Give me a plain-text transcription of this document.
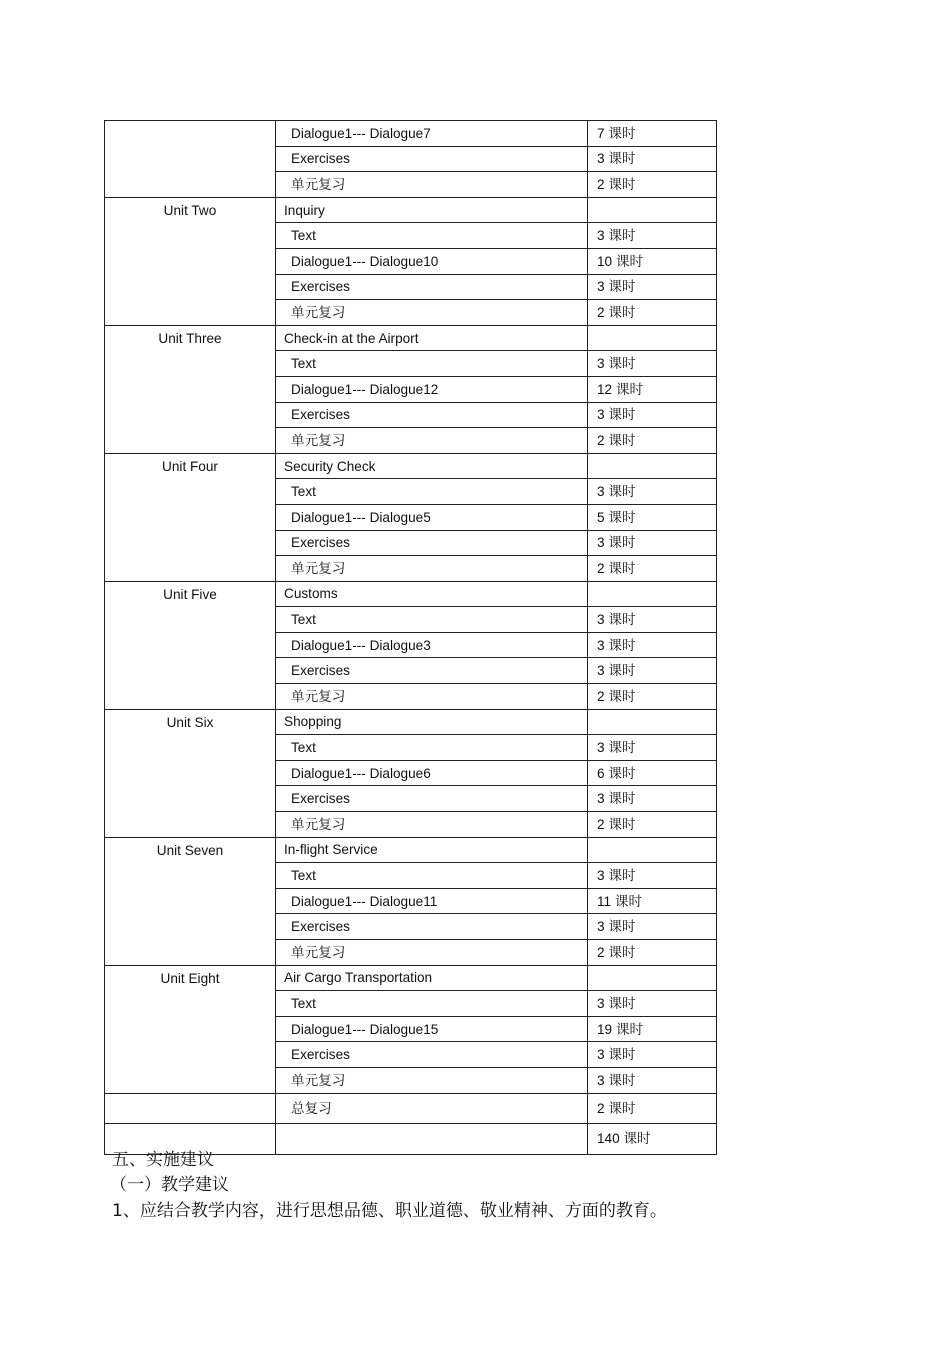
	Dialogue1--- Dialogue7	7 课时
	Exercises	3 课时
	单元复习	2 课时
Unit Two	Inquiry	
	Text	3 课时
	Dialogue1--- Dialogue10	10 课时
	Exercises	3 课时
	单元复习	2 课时
Unit Three	Check-in at the Airport	
	Text	3 课时
	Dialogue1--- Dialogue12	12 课时
	Exercises	3 课时
	单元复习	2 课时
Unit Four	Security Check	
	Text	3 课时
	Dialogue1--- Dialogue5	5 课时
	Exercises	3 课时
	单元复习	2 课时
Unit Five	Customs	
	Text	3 课时
	Dialogue1--- Dialogue3	3 课时
	Exercises	3 课时
	单元复习	2 课时
Unit Six	Shopping	
	Text	3 课时
	Dialogue1--- Dialogue6	6 课时
	Exercises	3 课时
	单元复习	2 课时
Unit Seven	In-flight Service	
	Text	3 课时
	Dialogue1--- Dialogue11	11 课时
	Exercises	3 课时
	单元复习	2 课时
Unit Eight	Air Cargo Transportation	
	Text	3 课时
	Dialogue1--- Dialogue15	19 课时
	Exercises	3 课时
	单元复习	3 课时
	总复习	2 课时
		140 课时
五、实施建议
（一）教学建议
1、应结合教学内容，进行思想品德、职业道德、敬业精神、方面的教育。
